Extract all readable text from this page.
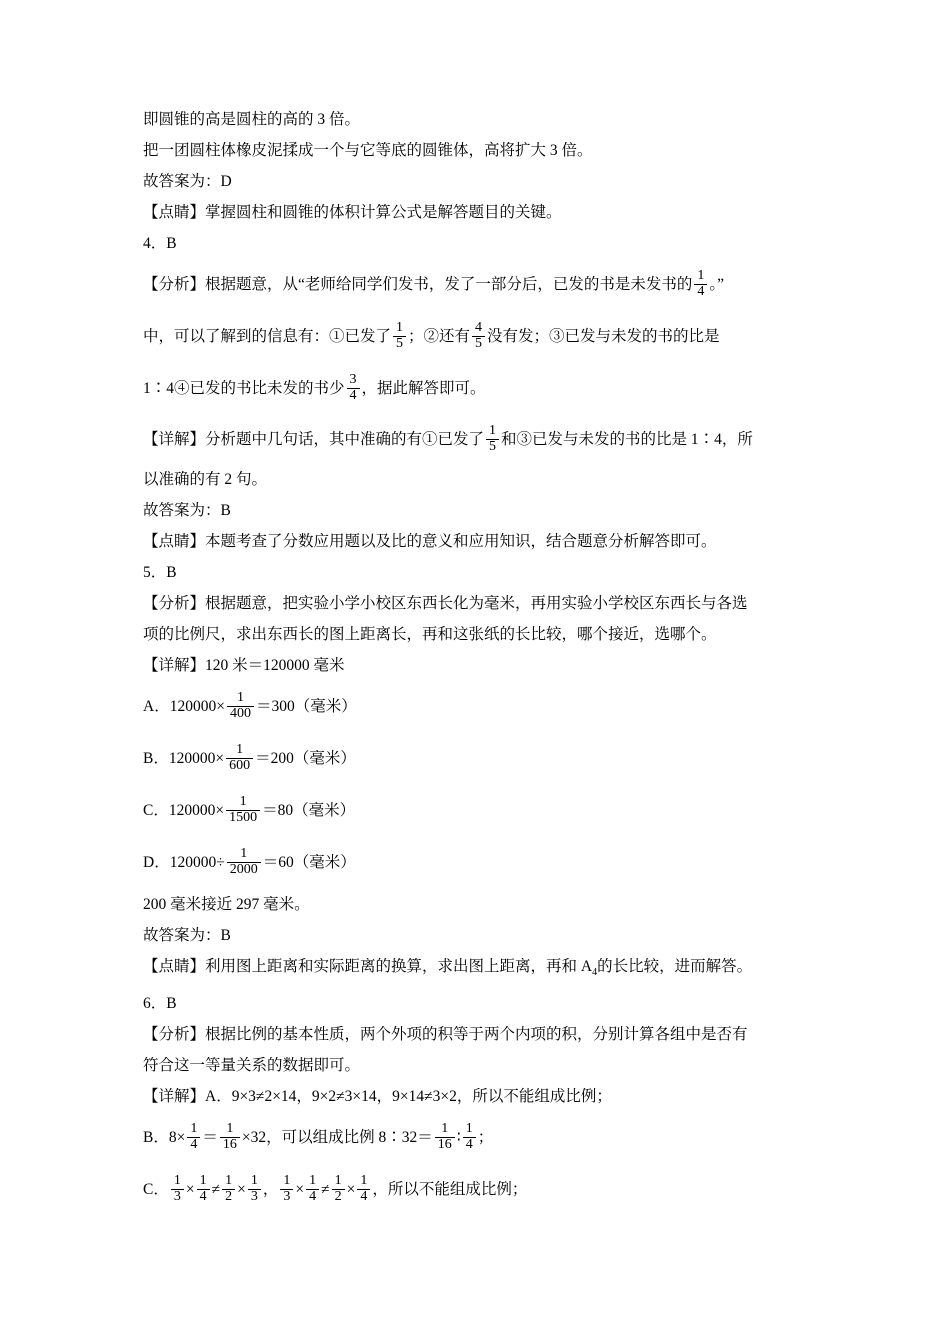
即圆锥的高是圆柱的高的 3 倍。
把一团圆柱体橡皮泥揉成一个与它等底的圆锥体，高将扩大 3 倍。
故答案为：D
【点睛】掌握圆柱和圆锥的体积计算公式是解答题目的关键。
4．B
【分析】根据题意，从“老师给同学们发书，发了一部分后，已发的书是未发书的 $\frac{1}{4}$ 。”
中，可以了解到的信息有：①已发了 $\frac{1}{5}$ ；②还有 $\frac{4}{5}$ 没有发；③已发与未发的书的比是
1∶4④已发的书比未发的书少 $\frac{3}{4}$ ，据此解答即可。
【详解】分析题中几句话，其中准确的有①已发了 $\frac{1}{5}$ 和③已发与未发的书的比是 1∶4，所
以准确的有 2 句。
故答案为：B
【点睛】本题考查了分数应用题以及比的意义和应用知识，结合题意分析解答即可。
5．B
【分析】根据题意，把实验小学小校区东西长化为毫米，再用实验小学校区东西长与各选
项的比例尺，求出东西长的图上距离长，再和这张纸的长比较，哪个接近，选哪个。
【详解】120 米＝120000 毫米
A．$120000\times \frac{1}{400} =300$（毫米）
B．$120000\times \frac{1}{600} =200$（毫米）
C．$120000\times \frac{1}{1500} =80$（毫米）
D．$120000\div \frac{1}{2000} =60$（毫米）
200 毫米接近 297 毫米。
故答案为：B
【点睛】利用图上距离和实际距离的换算，求出图上距离，再和 $A_4$的长比较，进而解答。
6．B
【分析】根据比例的基本性质，两个外项的积等于两个内项的积，分别计算各组中是否有
符合这一等量关系的数据即可。
【详解】A．9×3≠2×14，9×2≠3×14，9×14≠3×2，所以不能组成比例；
B．$8\times \frac{1}{4} = \frac{1}{16} \times 32$，可以组成比例 8∶32＝ $\frac{1}{16}$ ∶ $\frac{1}{4}$ ；
C． $\frac{1}{3} \times \frac{1}{4} \ne \frac{1}{2} \times \frac{1}{3}$ ， $\frac{1}{3} \times \frac{1}{4} \ne \frac{1}{2} \times \frac{1}{4}$ ，所以不能组成比例；
